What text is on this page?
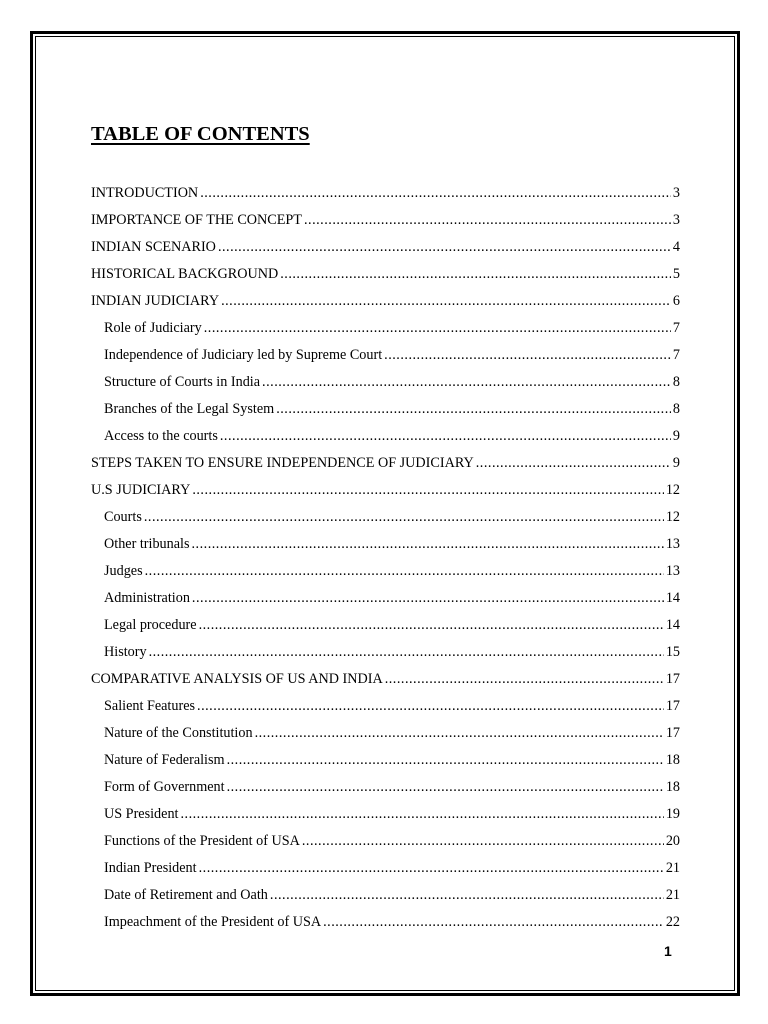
TABLE OF CONTENTS
INTRODUCTION .....	3
IMPORTANCE OF THE CONCEPT .....	3
INDIAN SCENARIO .....	4
HISTORICAL BACKGROUND .....	5
INDIAN JUDICIARY .....	6
Role of Judiciary .....	7
Independence of Judiciary led by Supreme Court .....	7
Structure of Courts in India .....	8
Branches of the Legal System .....	8
Access to the courts .....	9
STEPS TAKEN TO ENSURE INDEPENDENCE OF JUDICIARY .....	9
U.S JUDICIARY .....	12
Courts .....	12
Other tribunals .....	13
Judges .....	13
Administration .....	14
Legal procedure .....	14
History .....	15
COMPARATIVE ANALYSIS OF US AND INDIA .....	17
Salient Features .....	17
Nature of the Constitution .....	17
Nature of Federalism .....	18
Form of Government .....	18
US President .....	19
Functions of the President of USA .....	20
Indian President .....	21
Date of Retirement and Oath .....	21
Impeachment of the President of USA .....	22
1
